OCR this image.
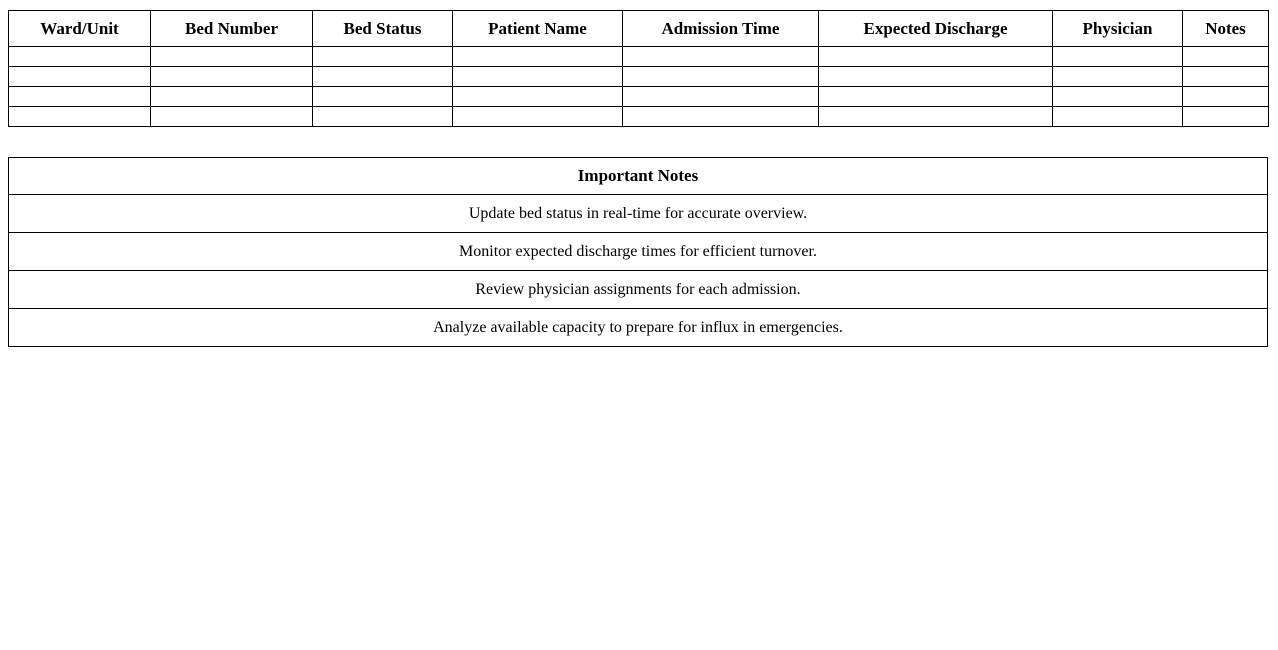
Ward/Unit	Bed Number	Bed Status	Patient Name	Admission Time	Expected Discharge	Physician	Notes

Important Notes
Update bed status in real-time for accurate overview.
Monitor expected discharge times for efficient turnover.
Review physician assignments for each admission.
Analyze available capacity to prepare for influx in emergencies.
